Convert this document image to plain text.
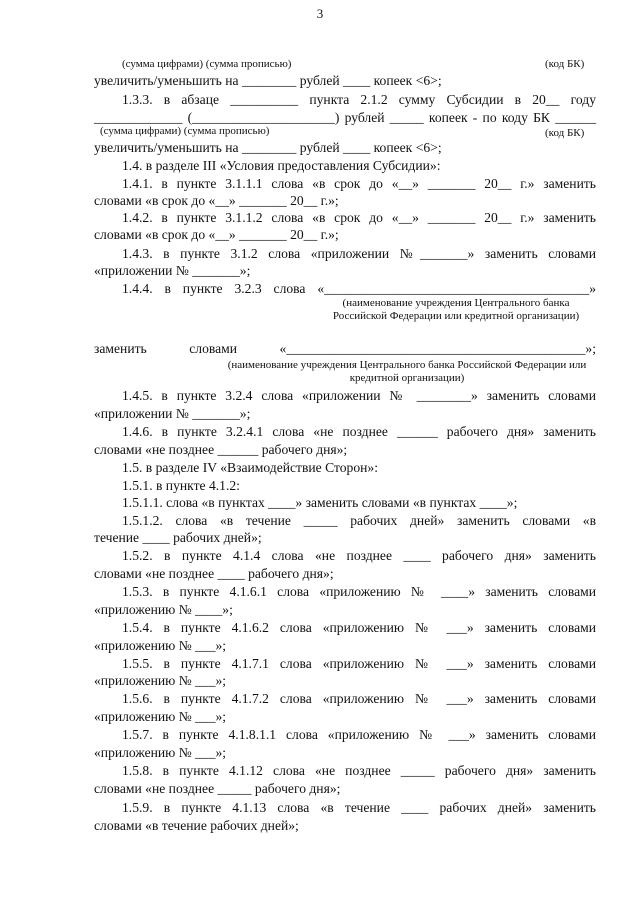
3
(сумма цифрами) (сумма прописью)	(код БК)
увеличить/уменьшить на ________ рублей ____ копеек <6>;
1.3.3. в абзаце __________ пункта 2.1.2 сумму Субсидии в 20__ году
_____________ (_____________________) рублей _____ копеек - по коду БК ______
(сумма цифрами) (сумма прописью)	(код БК)
увеличить/уменьшить на ________ рублей ____ копеек <6>;
1.4. в разделе III «Условия предоставления Субсидии»:
1.4.1. в пункте 3.1.1.1 слова «в срок до «__» _______ 20__ г.» заменить
словами «в срок до «__» _______ 20__ г.»;
1.4.2. в пункте 3.1.1.2 слова «в срок до «__» _______ 20__ г.» заменить
словами «в срок до «__» _______ 20__ г.»;
1.4.3. в пункте 3.1.2 слова «приложении №_______» заменить словами
«приложении № _______»;
1.4.4. в пункте 3.2.3 слова «_______________________________________»
(наименование учреждения Центрального банка Российской Федерации или кредитной организации)
заменить словами «____________________________________________»;
(наименование учреждения Центрального банка Российской Федерации или кредитной организации)
1.4.5. в пункте 3.2.4 слова «приложении № ________» заменить словами
«приложении № _______»;
1.4.6. в пункте 3.2.4.1 слова «не позднее ______ рабочего дня» заменить
словами «не позднее ______ рабочего дня»;
1.5. в разделе IV «Взаимодействие Сторон»:
1.5.1. в пункте 4.1.2:
1.5.1.1. слова «в пунктах ____» заменить словами «в пунктах ____»;
1.5.1.2. слова «в течение _____ рабочих дней» заменить словами «в
течение ____ рабочих дней»;
1.5.2. в пункте 4.1.4 слова «не позднее ____ рабочего дня» заменить
словами «не позднее ____ рабочего дня»;
1.5.3. в пункте 4.1.6.1 слова «приложению № ____» заменить словами
«приложению № ____»;
1.5.4. в пункте 4.1.6.2 слова «приложению № ___» заменить словами
«приложению № ___»;
1.5.5. в пункте 4.1.7.1 слова «приложению № ___» заменить словами
«приложению № ___»;
1.5.6. в пункте 4.1.7.2 слова «приложению № ___» заменить словами
«приложению № ___»;
1.5.7. в пункте 4.1.8.1.1 слова «приложению № ___» заменить словами
«приложению № ___»;
1.5.8. в пункте 4.1.12 слова «не позднее _____ рабочего дня» заменить
словами «не позднее _____ рабочего дня»;
1.5.9. в пункте 4.1.13 слова «в течение ____ рабочих дней» заменить
словами «в течение рабочих дней»;
